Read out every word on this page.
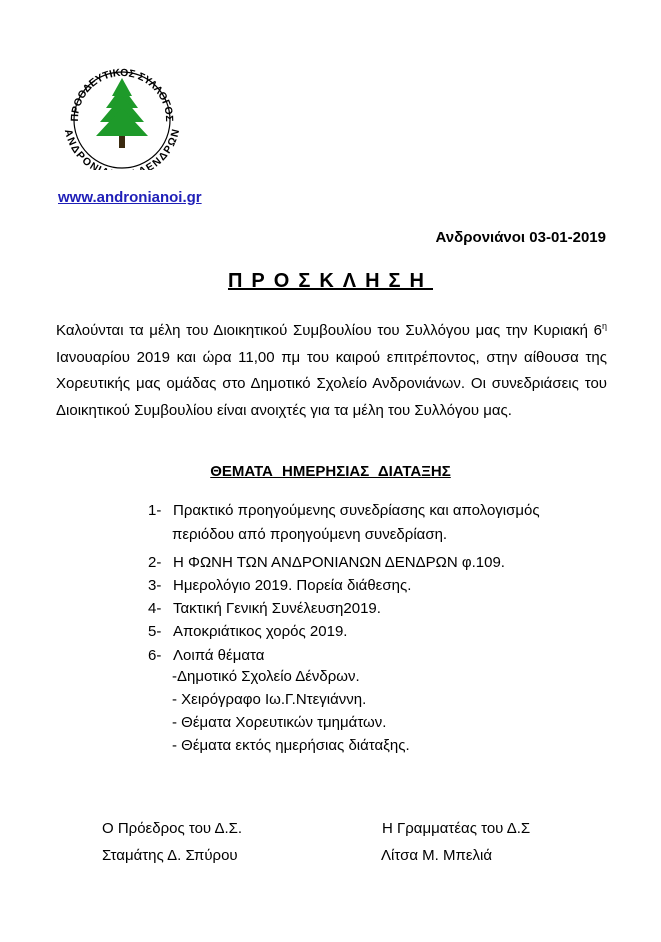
ΠΡΟΟΔΕΥΤΙΚΟΣ ΣΥΛΛΟΓΟΣ
ΑΝΔΡΟΝ ΕΝΔΡΩΝ
www.andronianoi.gr
Ανδρονιάνοι 03-01-2019
ΠΡΟΣΚΛΗΣΗ
Καλούνται τα μέλη του Διοικητικού Συμβουλίου του Συλλόγου μας την Κυριακή $6^\eta$ Ιανουαρίου 2019 και ώρα 11,00 πμ του καιρού επιτρέποντος, στην αίθουσα της Χορευτικής μας ομάδας στο Δημοτικό Σχολείο Ανδρονιάνων. Οι συνεδριάσεις του Διοικητικού Συμβουλίου είναι ανοιχτές για τα μέλη του Συλλόγου μας.
ΘΕΜΑΤΑ ΗΜΕΡΗΣΙΑΣ ΔΙΑΤΑΞΗΣ
1- Πρακτικό προηγούμενης συνεδρίασης και απολογισμός
περιόδου από προηγούμενη συνεδρίαση.
2- Η ΦΩΝΗ ΤΩΝ ΑΝΔΡΟΝΙΑΝΩΝ ΔΕΝΔΡΩΝ φ.109.
3- Ημερολόγιο 2019. Πορεία διάθεσης.
4- Τακτική Γενική Συνέλευση2019.
5- Αποκριάτικος χορός 2019.
6- Λοιπά θέματα
-Δημοτικό Σχολείο Δένδρων.
- Χειρόγραφο Ιω.Γ.Ντεγιάννη.
- Θέματα Χορευτικών τμημάτων.
- Θέματα εκτός ημερήσιας διάταξης.
Ο Πρόεδρος του Δ.Σ.
Σταμάτης Δ. Σπύρου
Η Γραμματέας του Δ.Σ
Λίτσα Μ. Μπελιά
